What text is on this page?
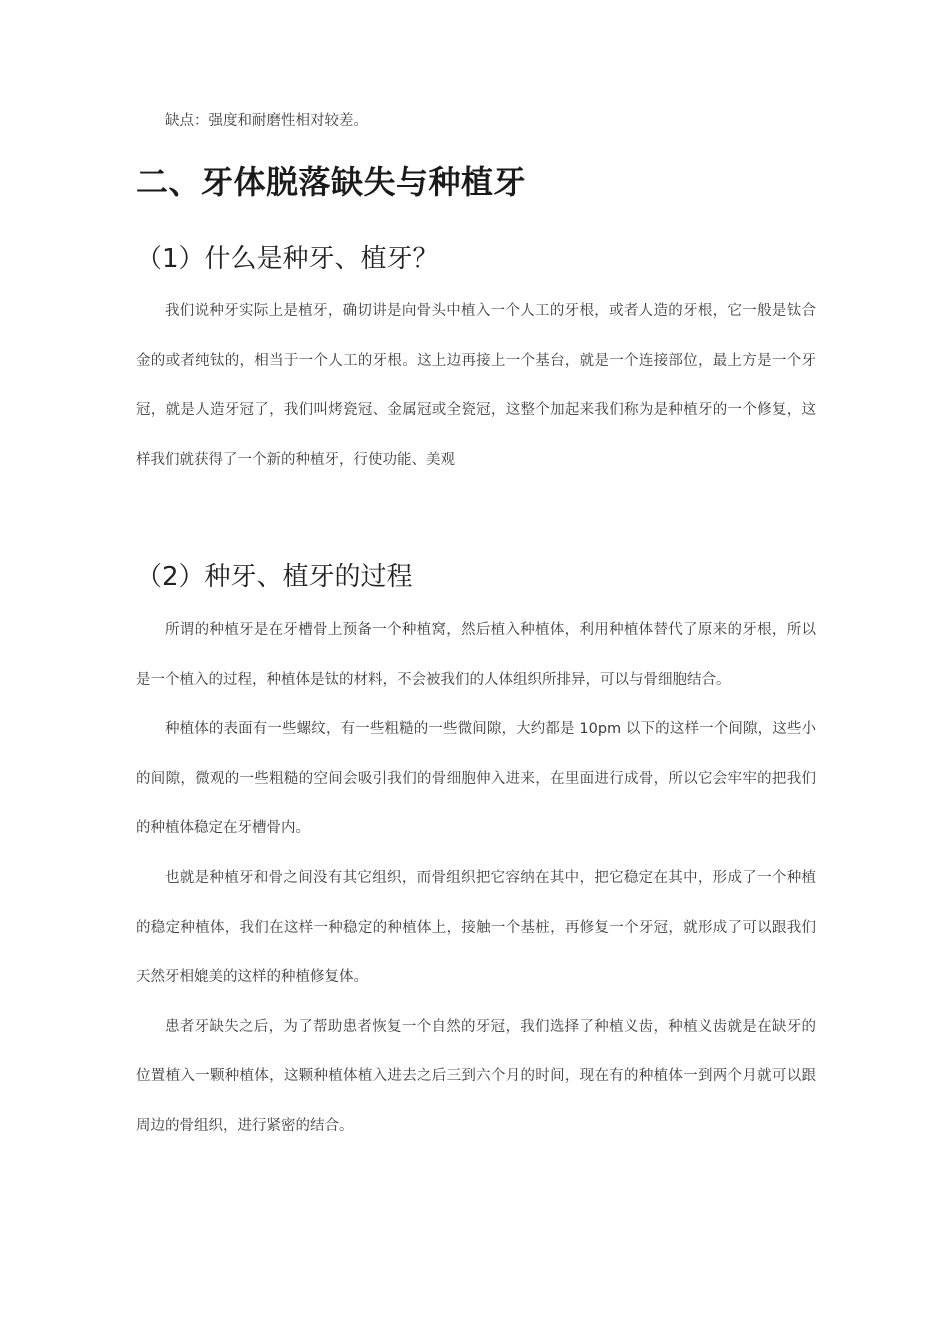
缺点：强度和耐磨性相对较差。

二、牙体脱落缺失与种植牙
（1）什么是种牙、植牙？

我们说种牙实际上是植牙，确切讲是向骨头中植入一个人工的牙根，或者人造的牙根，它一般是钛合金的或者纯钛的，相当于一个人工的牙根。这上边再接上一个基台，就是一个连接部位，最上方是一个牙冠，就是人造牙冠了，我们叫烤瓷冠、金属冠或全瓷冠，这整个加起来我们称为是种植牙的一个修复，这样我们就获得了一个新的种植牙，行使功能、美观

（2）种牙、植牙的过程

所谓的种植牙是在牙槽骨上预备一个种植窝，然后植入种植体，利用种植体替代了原来的牙根，所以是一个植入的过程，种植体是钛的材料，不会被我们的人体组织所排异，可以与骨细胞结合。

种植体的表面有一些螺纹，有一些粗糙的一些微间隙，大约都是 10pm 以下的这样一个间隙，这些小的间隙，微观的一些粗糙的空间会吸引我们的骨细胞伸入进来，在里面进行成骨，所以它会牢牢的把我们的种植体稳定在牙槽骨内。

也就是种植牙和骨之间没有其它组织，而骨组织把它容纳在其中，把它稳定在其中，形成了一个种植的稳定种植体，我们在这样一种稳定的种植体上，接触一个基桩，再修复一个牙冠，就形成了可以跟我们天然牙相媲美的这样的种植修复体。

患者牙缺失之后，为了帮助患者恢复一个自然的牙冠，我们选择了种植义齿，种植义齿就是在缺牙的位置植入一颗种植体，这颗种植体植入进去之后三到六个月的时间，现在有的种植体一到两个月就可以跟周边的骨组织，进行紧密的结合。
